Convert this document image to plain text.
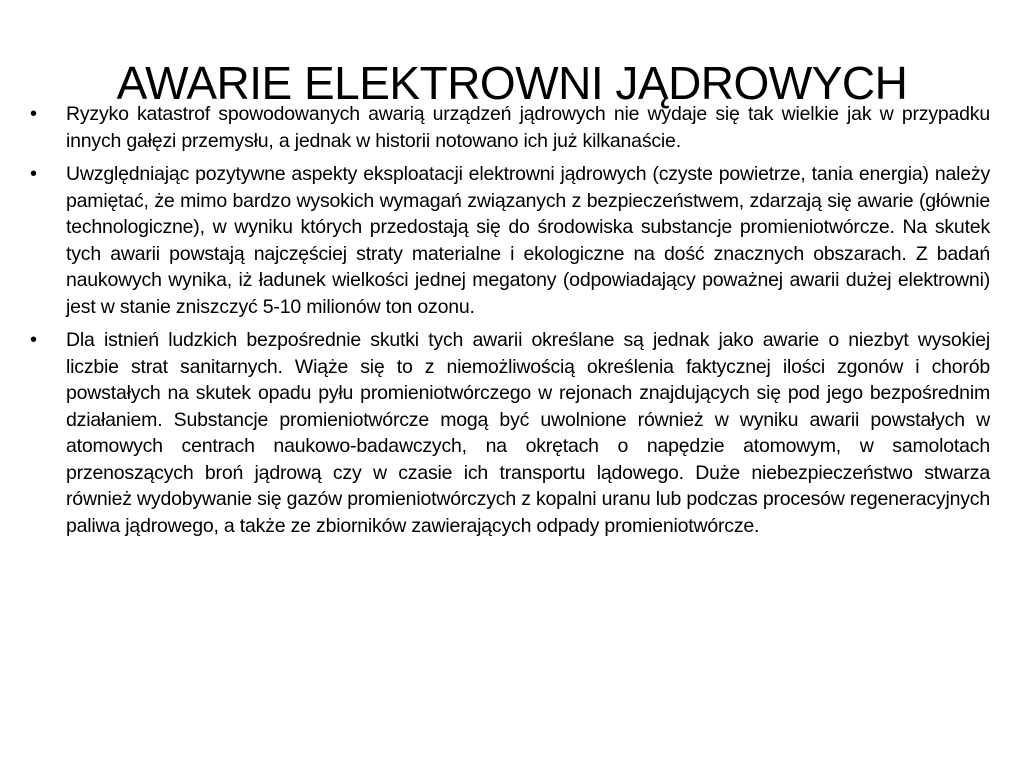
AWARIE ELEKTROWNI JĄDROWYCH
•	Ryzyko katastrof spowodowanych awarią urządzeń jądrowych nie wydaje się tak wielkie jak w przypadku innych gałęzi przemysłu, a jednak w historii notowano ich już kilkanaście.
•	Uwzględniając pozytywne aspekty eksploatacji elektrowni jądrowych (czyste powietrze, tania energia) należy pamiętać, że mimo bardzo wysokich wymagań związanych z bezpieczeństwem, zdarzają się awarie (głównie technologiczne), w wyniku których przedostają się do środowiska substancje promieniotwórcze. Na skutek tych awarii powstają najczęściej straty materialne i ekologiczne na dość znacznych obszarach. Z badań naukowych wynika, iż ładunek wielkości jednej megatony (odpowiadający poważnej awarii dużej elektrowni) jest w stanie zniszczyć 5-10 milionów ton ozonu.
•	Dla istnień ludzkich bezpośrednie skutki tych awarii określane są jednak jako awarie o niezbyt wysokiej liczbie strat sanitarnych. Wiąże się to z niemożliwością określenia faktycznej ilości zgonów i chorób powstałych na skutek opadu pyłu promieniotwórczego w rejonach znajdujących się pod jego bezpośrednim działaniem. Substancje promieniotwórcze mogą być uwolnione również w wyniku awarii powstałych w atomowych centrach naukowo-badawczych, na okrętach o napędzie atomowym, w samolotach przenoszących broń jądrową czy w czasie ich transportu lądowego. Duże niebezpieczeństwo stwarza również wydobywanie się gazów promieniotwórczych z kopalni uranu lub podczas procesów regeneracyjnych paliwa jądrowego, a także ze zbiorników zawierających odpady promieniotwórcze.
